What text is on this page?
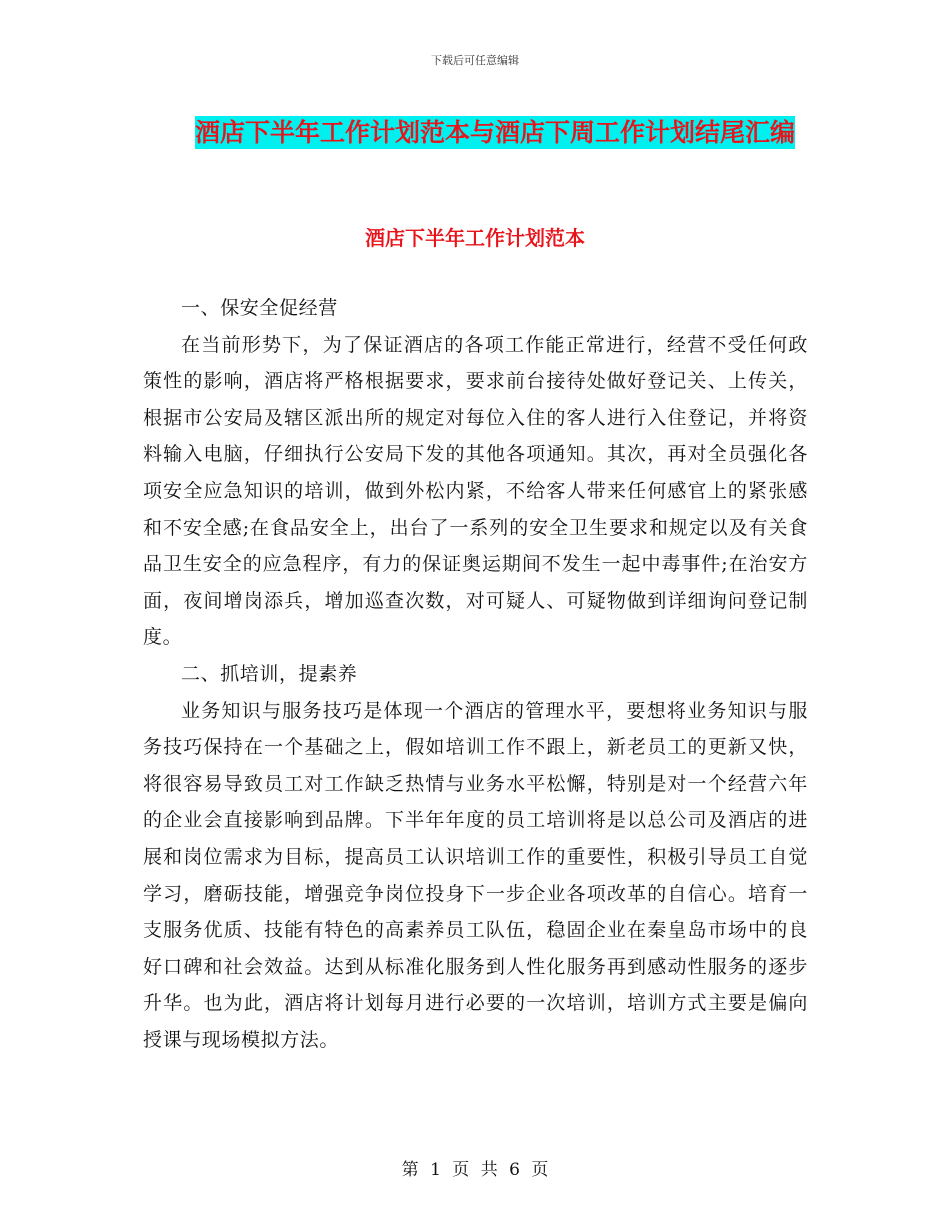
下载后可任意编辑
酒店下半年工作计划范本与酒店下周工作计划结尾汇编
酒店下半年工作计划范本

一、保安全促经营

在当前形势下，为了保证酒店的各项工作能正常进行，经营不受任何政策性的影响，酒店将严格根据要求，要求前台接待处做好登记关、上传关，根据市公安局及辖区派出所的规定对每位入住的客人进行入住登记，并将资料输入电脑，仔细执行公安局下发的其他各项通知。其次，再对全员强化各项安全应急知识的培训，做到外松内紧，不给客人带来任何感官上的紧张感和不安全感;在食品安全上，出台了一系列的安全卫生要求和规定以及有关食品卫生安全的应急程序，有力的保证奥运期间不发生一起中毒事件;在治安方面，夜间增岗添兵，增加巡查次数，对可疑人、可疑物做到详细询问登记制度。

二、抓培训，提素养

业务知识与服务技巧是体现一个酒店的管理水平，要想将业务知识与服务技巧保持在一个基础之上，假如培训工作不跟上，新老员工的更新又快，将很容易导致员工对工作缺乏热情与业务水平松懈，特别是对一个经营六年的企业会直接影响到品牌。下半年年度的员工培训将是以总公司及酒店的进展和岗位需求为目标，提高员工认识培训工作的重要性，积极引导员工自觉学习，磨砺技能，增强竞争岗位投身下一步企业各项改革的自信心。培育一支服务优质、技能有特色的高素养员工队伍，稳固企业在秦皇岛市场中的良好口碑和社会效益。达到从标准化服务到人性化服务再到感动性服务的逐步升华。也为此，酒店将计划每月进行必要的一次培训，培训方式主要是偏向授课与现场模拟方法。

第 1 页 共 6 页
